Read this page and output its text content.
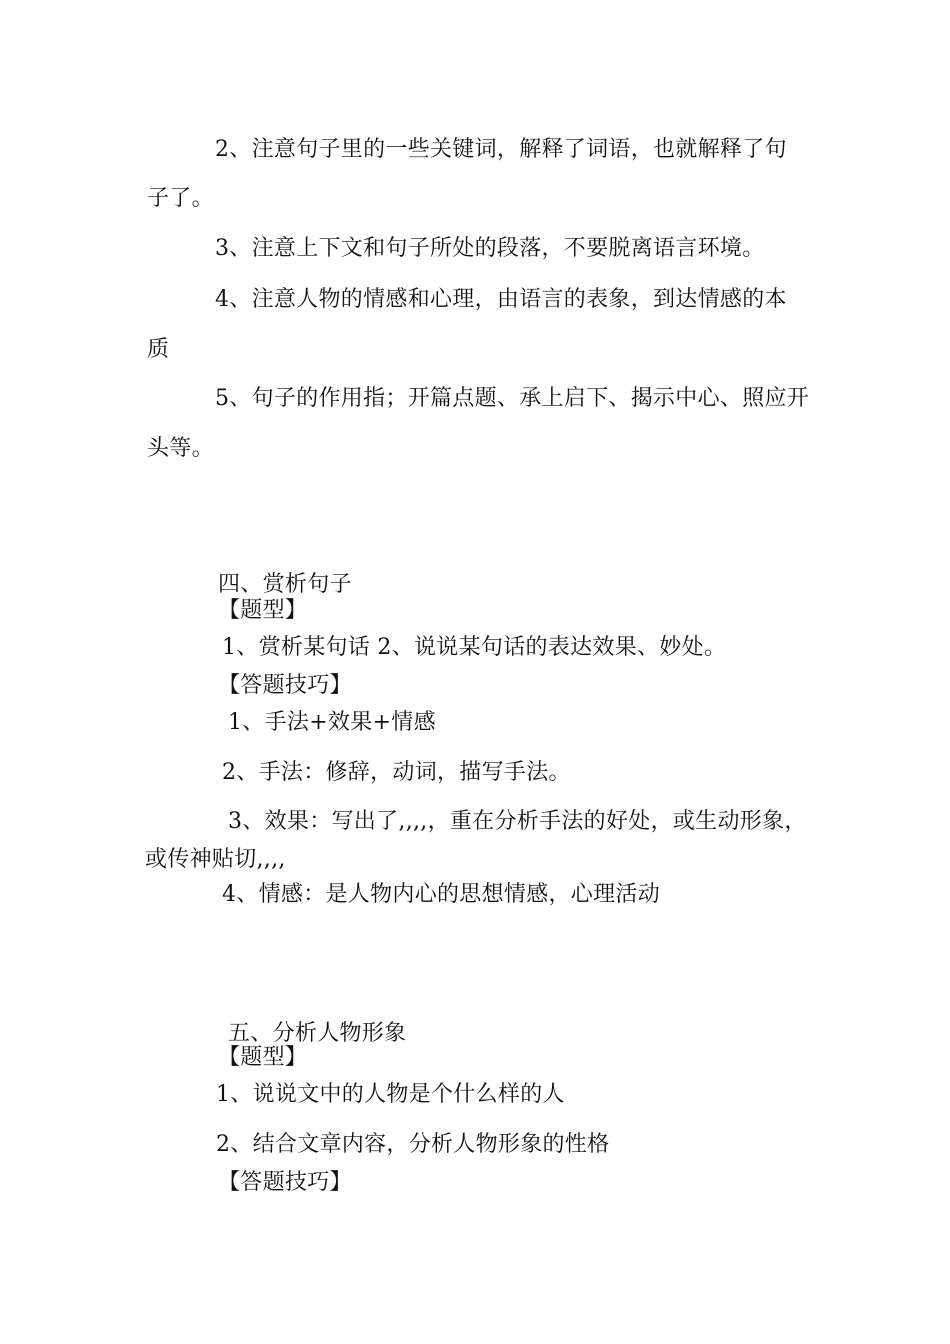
2、注意句子里的一些关键词，解释了词语，也就解释了句
子了。
3、注意上下文和句子所处的段落，不要脱离语言环境。
4、注意人物的情感和心理，由语言的表象，到达情感的本
质
5、句子的作用指；开篇点题、承上启下、揭示中心、照应开
头等。
四、赏析句子
【题型】
1、赏析某句话 2、说说某句话的表达效果、妙处。
【答题技巧】
1、手法+效果+情感
2、手法：修辞，动词，描写手法。
3、效果：写出了,,,,，重在分析手法的好处，或生动形象，
或传神贴切,,,,
4、情感：是人物内心的思想情感，心理活动
五、分析人物形象
【题型】
1、说说文中的人物是个什么样的人
2、结合文章内容，分析人物形象的性格
【答题技巧】
